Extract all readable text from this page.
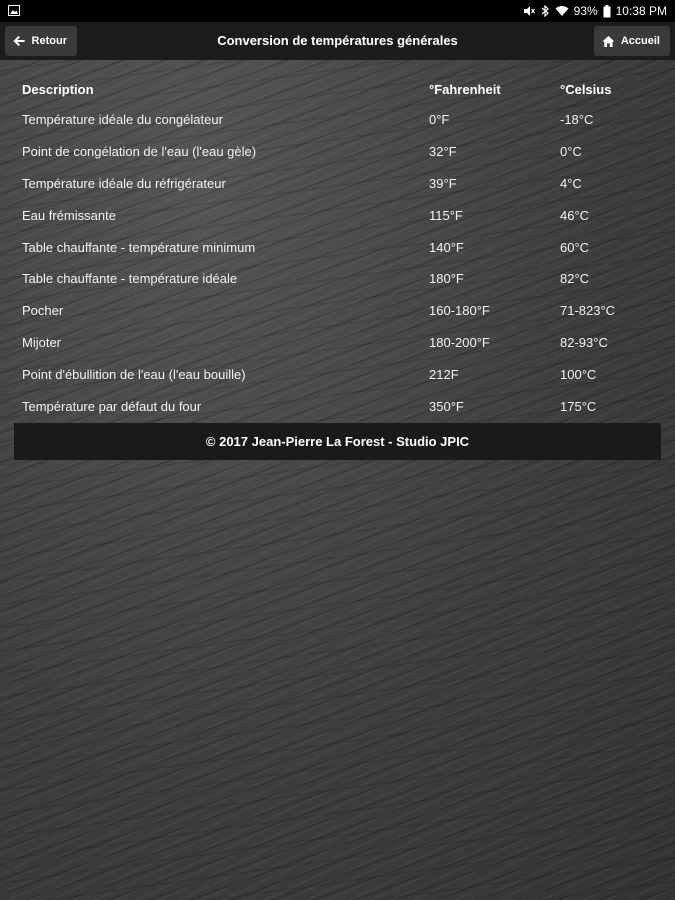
93% 10:38 PM
Retour	Conversion de températures générales	Accueil
Description	°Fahrenheit	°Celsius
Température idéale du congélateur	0°F	-18°C
Point de congélation de l'eau (l'eau gèle)	32°F	0°C
Température idéale du réfrigérateur	39°F	4°C
Eau frémissante	115°F	46°C
Table chauffante - température minimum	140°F	60°C
Table chauffante - température idéale	180°F	82°C
Pocher	160-180°F	71-823°C
Mijoter	180-200°F	82-93°C
Point d'ébullition de l'eau (l'eau bouille)	212F	100°C
Température par défaut du four	350°F	175°C
© 2017 Jean-Pierre La Forest - Studio JPIC
